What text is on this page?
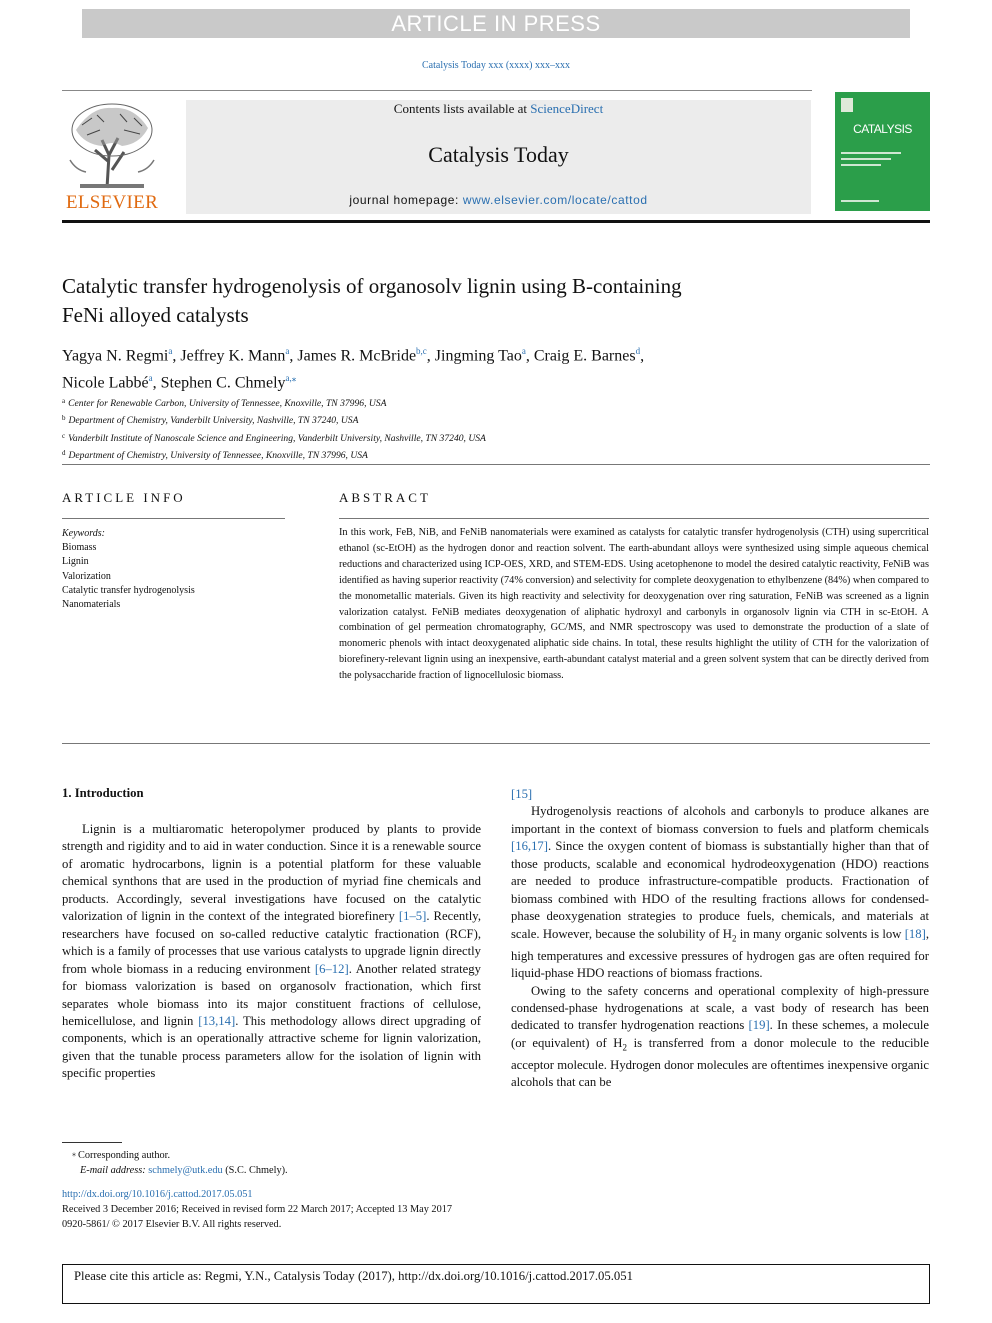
ARTICLE IN PRESS
Catalysis Today xxx (xxxx) xxx–xxx
ELSEVIER
Contents lists available at ScienceDirect
Catalysis Today
journal homepage: www.elsevier.com/locate/cattod
CATALYSIS
Catalytic transfer hydrogenolysis of organosolv lignin using B-containing
FeNi alloyed catalysts
Yagya N. Regmi$^a$, Jeffrey K. Mann$^a$, James R. McBride$^{b,c}$, Jingming Tao$^a$, Craig E. Barnes$^d$,
Nicole Labbé$^a$, Stephen C. Chmely$^{a,⁎}$
$^a$ Center for Renewable Carbon, University of Tennessee, Knoxville, TN 37996, USA
$^b$ Department of Chemistry, Vanderbilt University, Nashville, TN 37240, USA
$^c$ Vanderbilt Institute of Nanoscale Science and Engineering, Vanderbilt University, Nashville, TN 37240, USA
$^d$ Department of Chemistry, University of Tennessee, Knoxville, TN 37996, USA
ARTICLE INFO
Keywords:
Biomass
Lignin
Valorization
Catalytic transfer hydrogenolysis
Nanomaterials
ABSTRACT
In this work, FeB, NiB, and FeNiB nanomaterials were examined as catalysts for catalytic transfer hydrogenolysis (CTH) using supercritical ethanol (sc-EtOH) as the hydrogen donor and reaction solvent. The earth-abundant alloys were synthesized using simple aqueous chemical reductions and characterized using ICP-OES, XRD, and STEM-EDS. Using acetophenone to model the desired catalytic reactivity, FeNiB was identified as having superior reactivity (74% conversion) and selectivity for complete deoxygenation to ethylbenzene (84%) when compared to the monometallic materials. Given its high reactivity and selectivity for deoxygenation over ring saturation, FeNiB was screened as a lignin valorization catalyst. FeNiB mediates deoxygenation of aliphatic hydroxyl and carbonyls in organosolv lignin via CTH in sc-EtOH. A combination of gel permeation chromatography, GC/MS, and NMR spectroscopy was used to demonstrate the production of a slate of monomeric phenols with intact deoxygenated aliphatic side chains. In total, these results highlight the utility of CTH for the valorization of biorefinery-relevant lignin using an inexpensive, earth-abundant catalyst material and a green solvent system that can be directly derived from the polysaccharide fraction of lignocellulosic biomass.
1. Introduction

Lignin is a multiaromatic heteropolymer produced by plants to provide strength and rigidity and to aid in water conduction. Since it is a renewable source of aromatic hydrocarbons, lignin is a potential platform for these valuable chemical synthons that are used in the production of myriad fine chemicals and products. Accordingly, several investigations have focused on the catalytic valorization of lignin in the context of the integrated biorefinery [1–5]. Recently, researchers have focused on so-called reductive catalytic fractionation (RCF), which is a family of processes that use various catalysts to upgrade lignin directly from whole biomass in a reducing environment [6–12]. Another related strategy for biomass valorization is based on organosolv fractionation, which first separates whole biomass into its major constituent fractions of cellulose, hemicellulose, and lignin [13,14]. This methodology allows direct upgrading of components, which is an operationally attractive scheme for lignin valorization, given that the tunable process parameters allow for the isolation of lignin with specific properties

[15]

Hydrogenolysis reactions of alcohols and carbonyls to produce alkanes are important in the context of biomass conversion to fuels and platform chemicals [16,17]. Since the oxygen content of biomass is substantially higher than that of those products, scalable and economical hydrodeoxygenation (HDO) reactions are needed to produce infrastructure-compatible products. Fractionation of biomass combined with HDO of the resulting fractions allows for condensed-phase deoxygenation strategies to produce fuels, chemicals, and materials at scale. However, because the solubility of $H_2$ in many organic solvents is low [18], high temperatures and excessive pressures of hydrogen gas are often required for liquid-phase HDO reactions of biomass fractions.

Owing to the safety concerns and operational complexity of high-pressure condensed-phase hydrogenations at scale, a vast body of research has been dedicated to transfer hydrogenation reactions [19]. In these schemes, a molecule (or equivalent) of $H_2$ is transferred from a donor molecule to the reducible acceptor molecule. Hydrogen donor molecules are oftentimes inexpensive organic alcohols that can be

⁎ Corresponding author.
E-mail address: schmely@utk.edu (S.C. Chmely).
http://dx.doi.org/10.1016/j.cattod.2017.05.051
Received 3 December 2016; Received in revised form 22 March 2017; Accepted 13 May 2017
0920-5861/ © 2017 Elsevier B.V. All rights reserved.
Please cite this article as: Regmi, Y.N., Catalysis Today (2017), http://dx.doi.org/10.1016/j.cattod.2017.05.051
